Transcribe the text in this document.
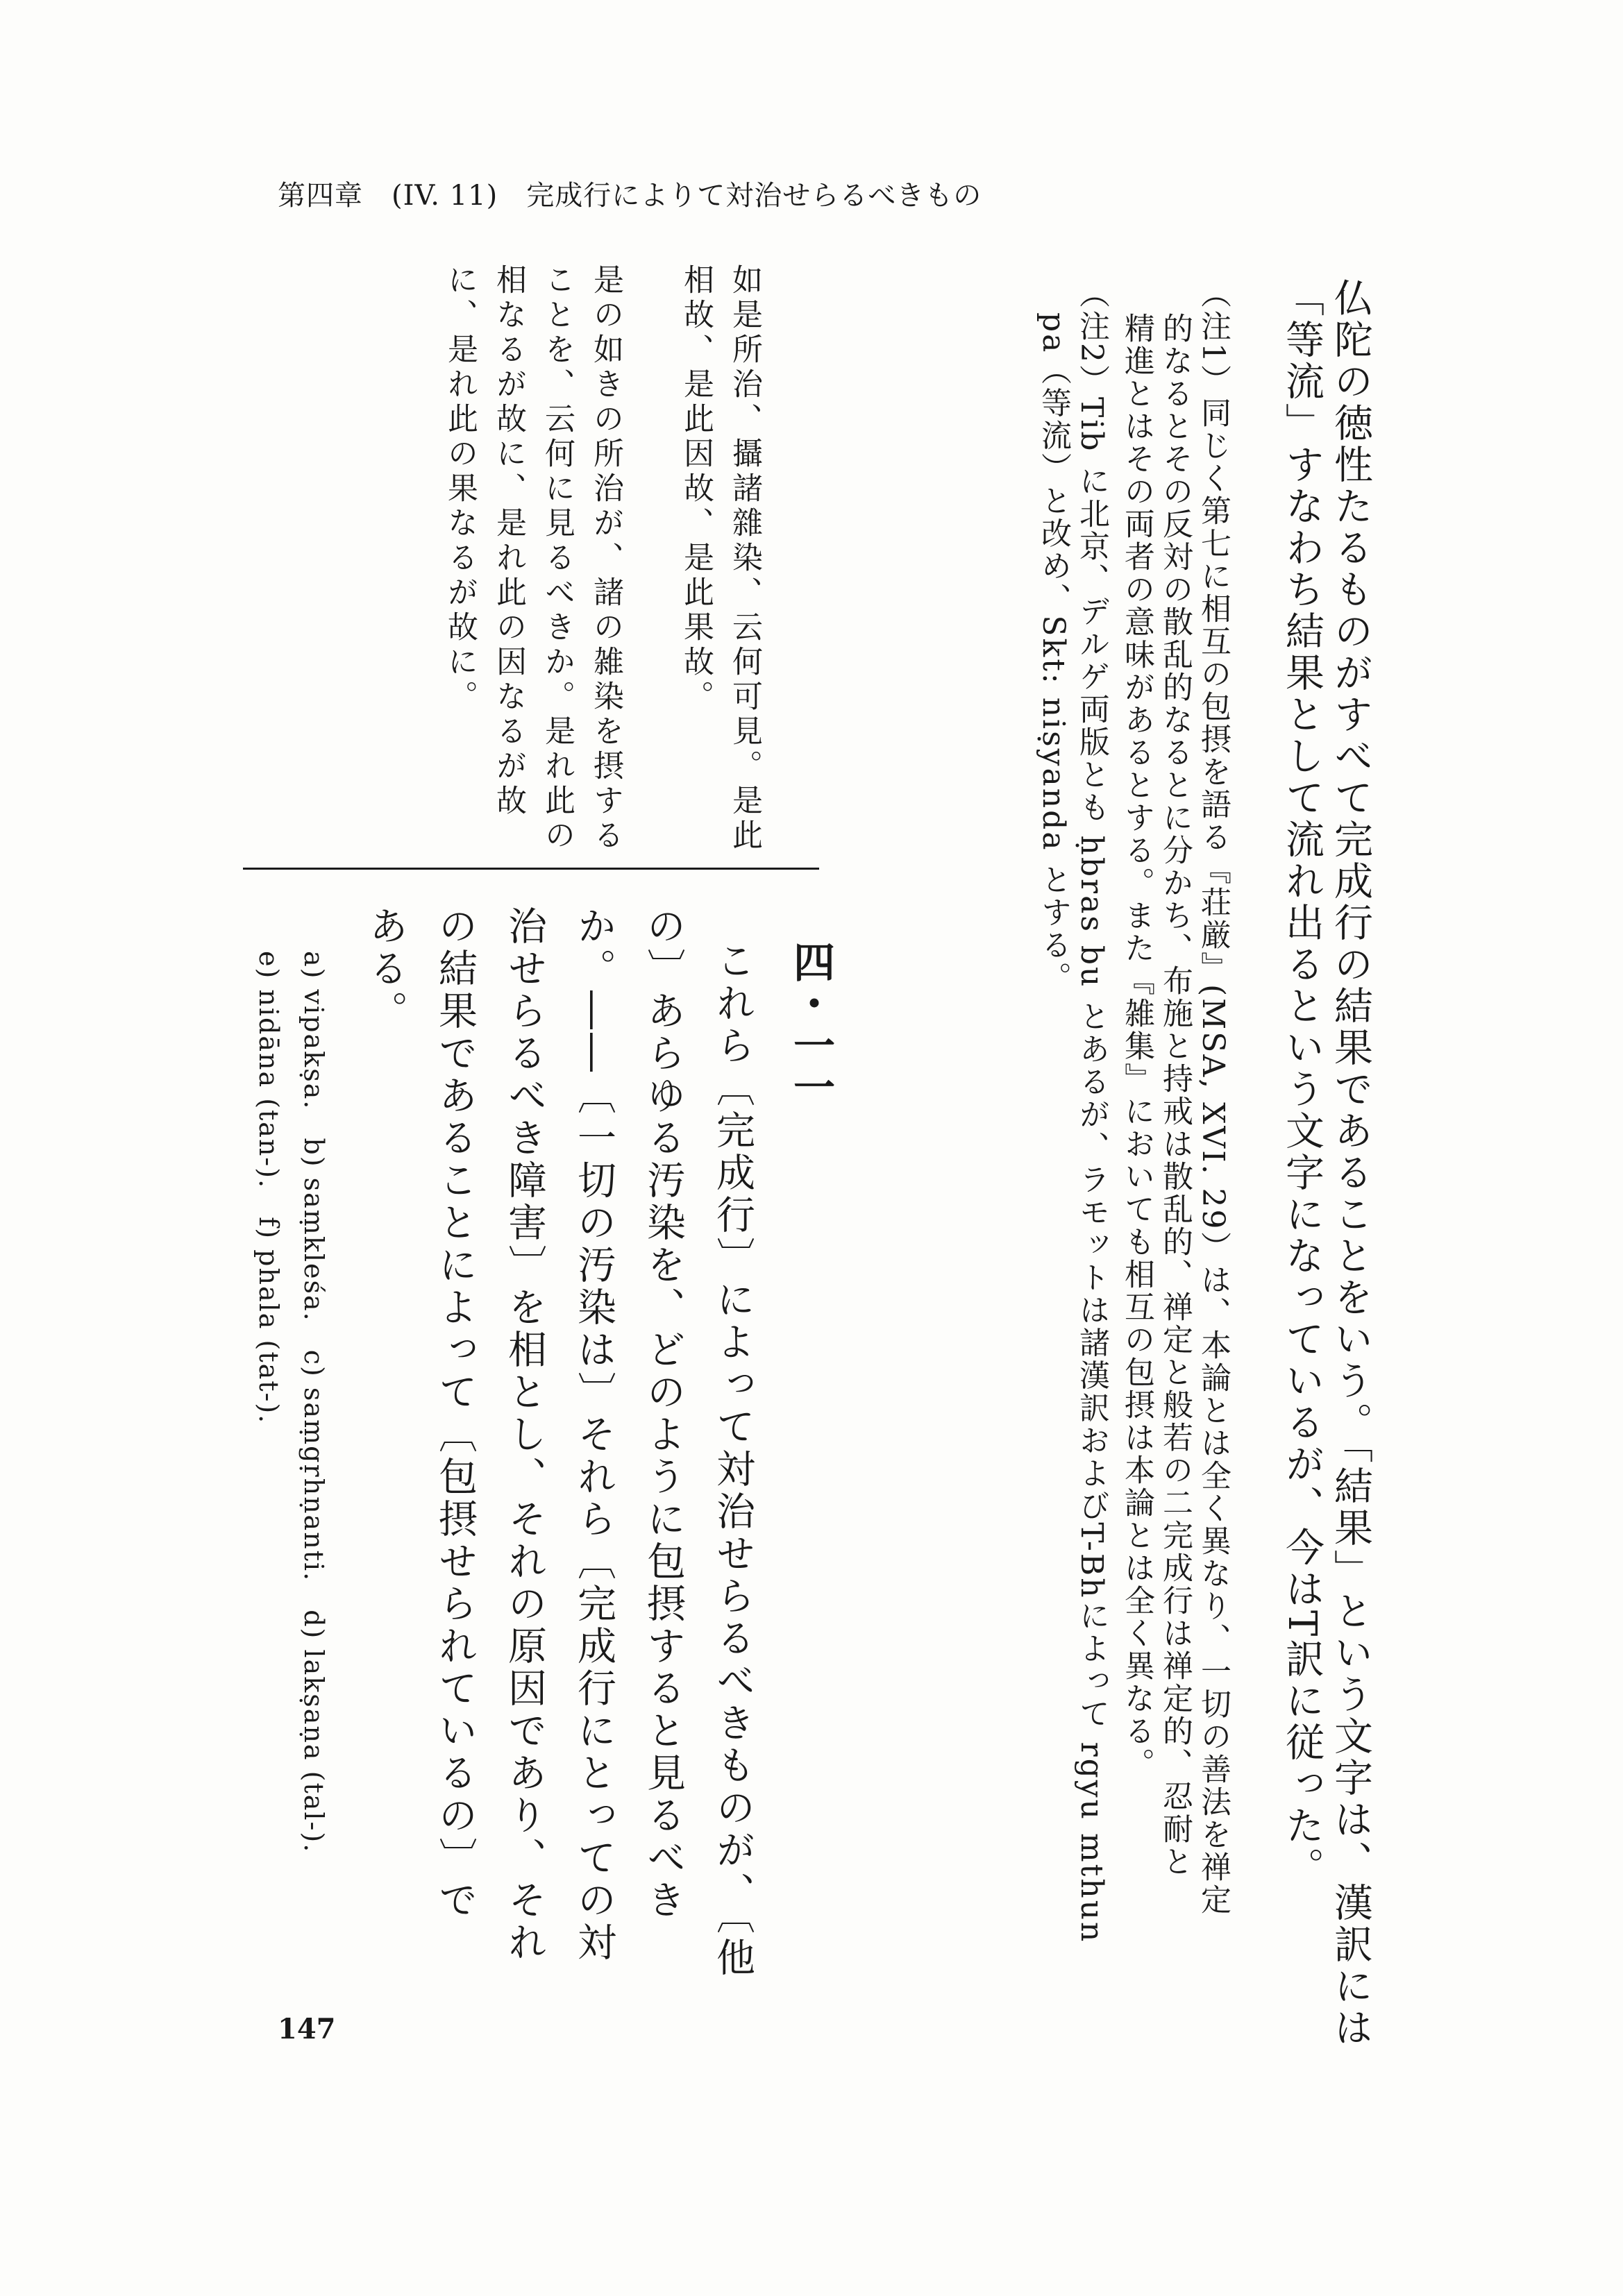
第四章　(IV. 11)　完成行によりて対治せらるべきもの

仏陀の徳性たるものがすべて完成行の結果であることをいう。「結果」という文字は、漢訳には

「等流」すなわち結果として流れ出るという文字になっているが、今はT訳に従った。

（注1）同じく第七に相互の包摂を語る『荘厳』(MSA, XVI. 29）は、本論とは全く異なり、一切の善法を禅定

的なるとその反対の散乱的なるとに分かち、布施と持戒は散乱的、禅定と般若の二完成行は禅定的、忍耐と

精進とはその両者の意味があるとする。また『雑集』においても相互の包摂は本論とは全く異なる。

（注2）Tib に北京、デルゲ両版とも ḥbras bu とあるが、ラモットは諸漢訳およびT-Bhによって rgyu mthun

pa（等流）と改め、Skt: niṣyanda とする。

四・一一

これら〔完成行〕によって対治せらるべきものが、〔他

の〕あらゆる汚染を、どのように包摂すると見るべき

か。――〔一切の汚染は〕それら〔完成行にとっての対

治せらるべき障害〕を相とし、それの原因であり、それ

の結果であることによって〔包摂せられているの〕で

ある。

a) vipakṣa.　b) saṃkleśa.　c) saṃgṛhṇanti.　d) lakṣaṇa (tal-).

e) nidāna (tan-).　f) phala (tat-).

如是所治、攝諸雜染、云何可見。是此

相故、是此因故、是此果故。

是の如きの所治が、諸の雑染を摂する

ことを、云何に見るべきか。是れ此の

相なるが故に、是れ此の因なるが故

に、是れ此の果なるが故に。

147
